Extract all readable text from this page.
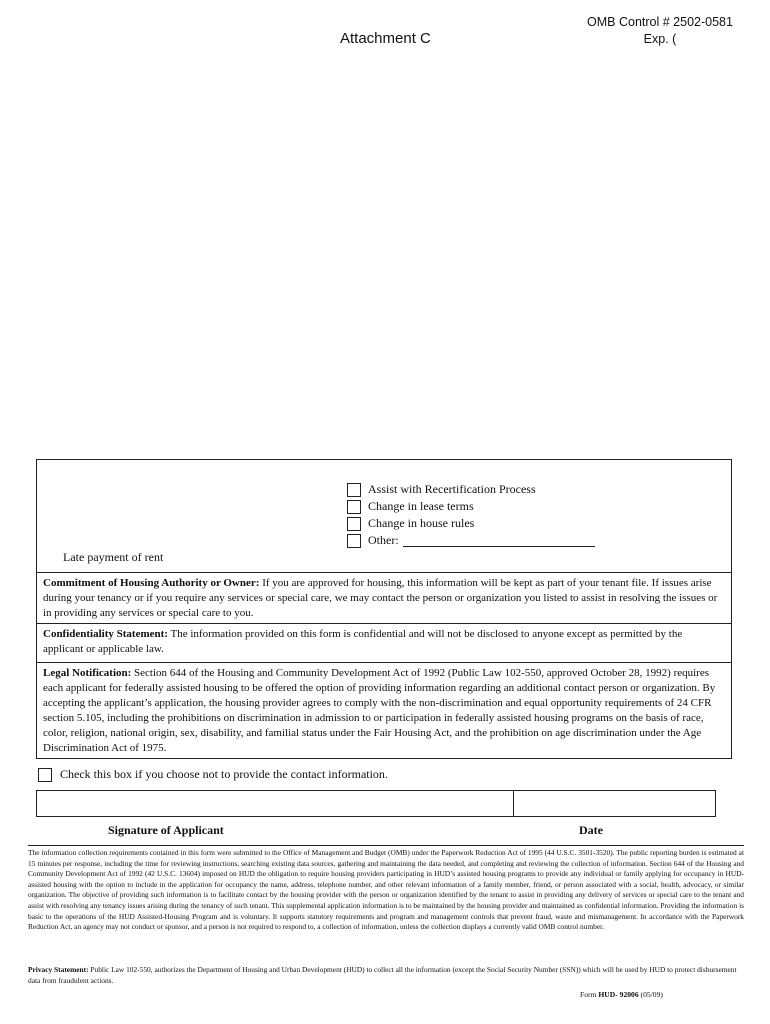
Attachment C
OMB Control # 2502-0581
Exp. (
Assist with Recertification Process
Change in lease terms
Change in house rules
Other:
Late payment of rent
Commitment of Housing Authority or Owner: If you are approved for housing, this information will be kept as part of your tenant file. If issues arise during your tenancy or if you require any services or special care, we may contact the person or organization you listed to assist in resolving the issues or in providing any services or special care to you.
Confidentiality Statement: The information provided on this form is confidential and will not be disclosed to anyone except as permitted by the applicant or applicable law.
Legal Notification: Section 644 of the Housing and Community Development Act of 1992 (Public Law 102-550, approved October 28, 1992) requires each applicant for federally assisted housing to be offered the option of providing information regarding an additional contact person or organization. By accepting the applicant’s application, the housing provider agrees to comply with the non-discrimination and equal opportunity requirements of 24 CFR section 5.105, including the prohibitions on discrimination in admission to or participation in federally assisted housing programs on the basis of race, color, religion, national origin, sex, disability, and familial status under the Fair Housing Act, and the prohibition on age discrimination under the Age Discrimination Act of 1975.
Check this box if you choose not to provide the contact information.
Signature of Applicant	Date
The information collection requirements contained in this form were submitted to the Office of Management and Budget (OMB) under the Paperwork Reduction Act of 1995 (44 U.S.C. 3501-3520). The public reporting burden is estimated at 15 minutes per response, including the time for reviewing instructions, searching existing data sources, gathering and maintaining the data needed, and completing and reviewing the collection of information. Section 644 of the Housing and Community Development Act of 1992 (42 U.S.C. 13604) imposed on HUD the obligation to require housing providers participating in HUD’s assisted housing programs to provide any individual or family applying for occupancy in HUD-assisted housing with the option to include in the application for occupancy the name, address, telephone number, and other relevant information of a family member, friend, or person associated with a social, health, advocacy, or similar organization. The objective of providing such information is to facilitate contact by the housing provider with the person or organization identified by the tenant to assist in providing any delivery of services or special care to the tenant and assist with resolving any tenancy issues arising during the tenancy of such tenant. This supplemental application information is to be maintained by the housing provider and maintained as confidential information. Providing the information is basic to the operations of the HUD Assisted-Housing Program and is voluntary. It supports statutory requirements and program and management controls that prevent fraud, waste and mismanagement. In accordance with the Paperwork Reduction Act, an agency may not conduct or sponsor, and a person is not required to respond to, a collection of information, unless the collection displays a currently valid OMB control number.
Privacy Statement: Public Law 102-550, authorizes the Department of Housing and Urban Development (HUD) to collect all the information (except the Social Security Number (SSN)) which will be used by HUD to protect disbursement data from fraudulent actions.
Form HUD- 92006 (05/09)
